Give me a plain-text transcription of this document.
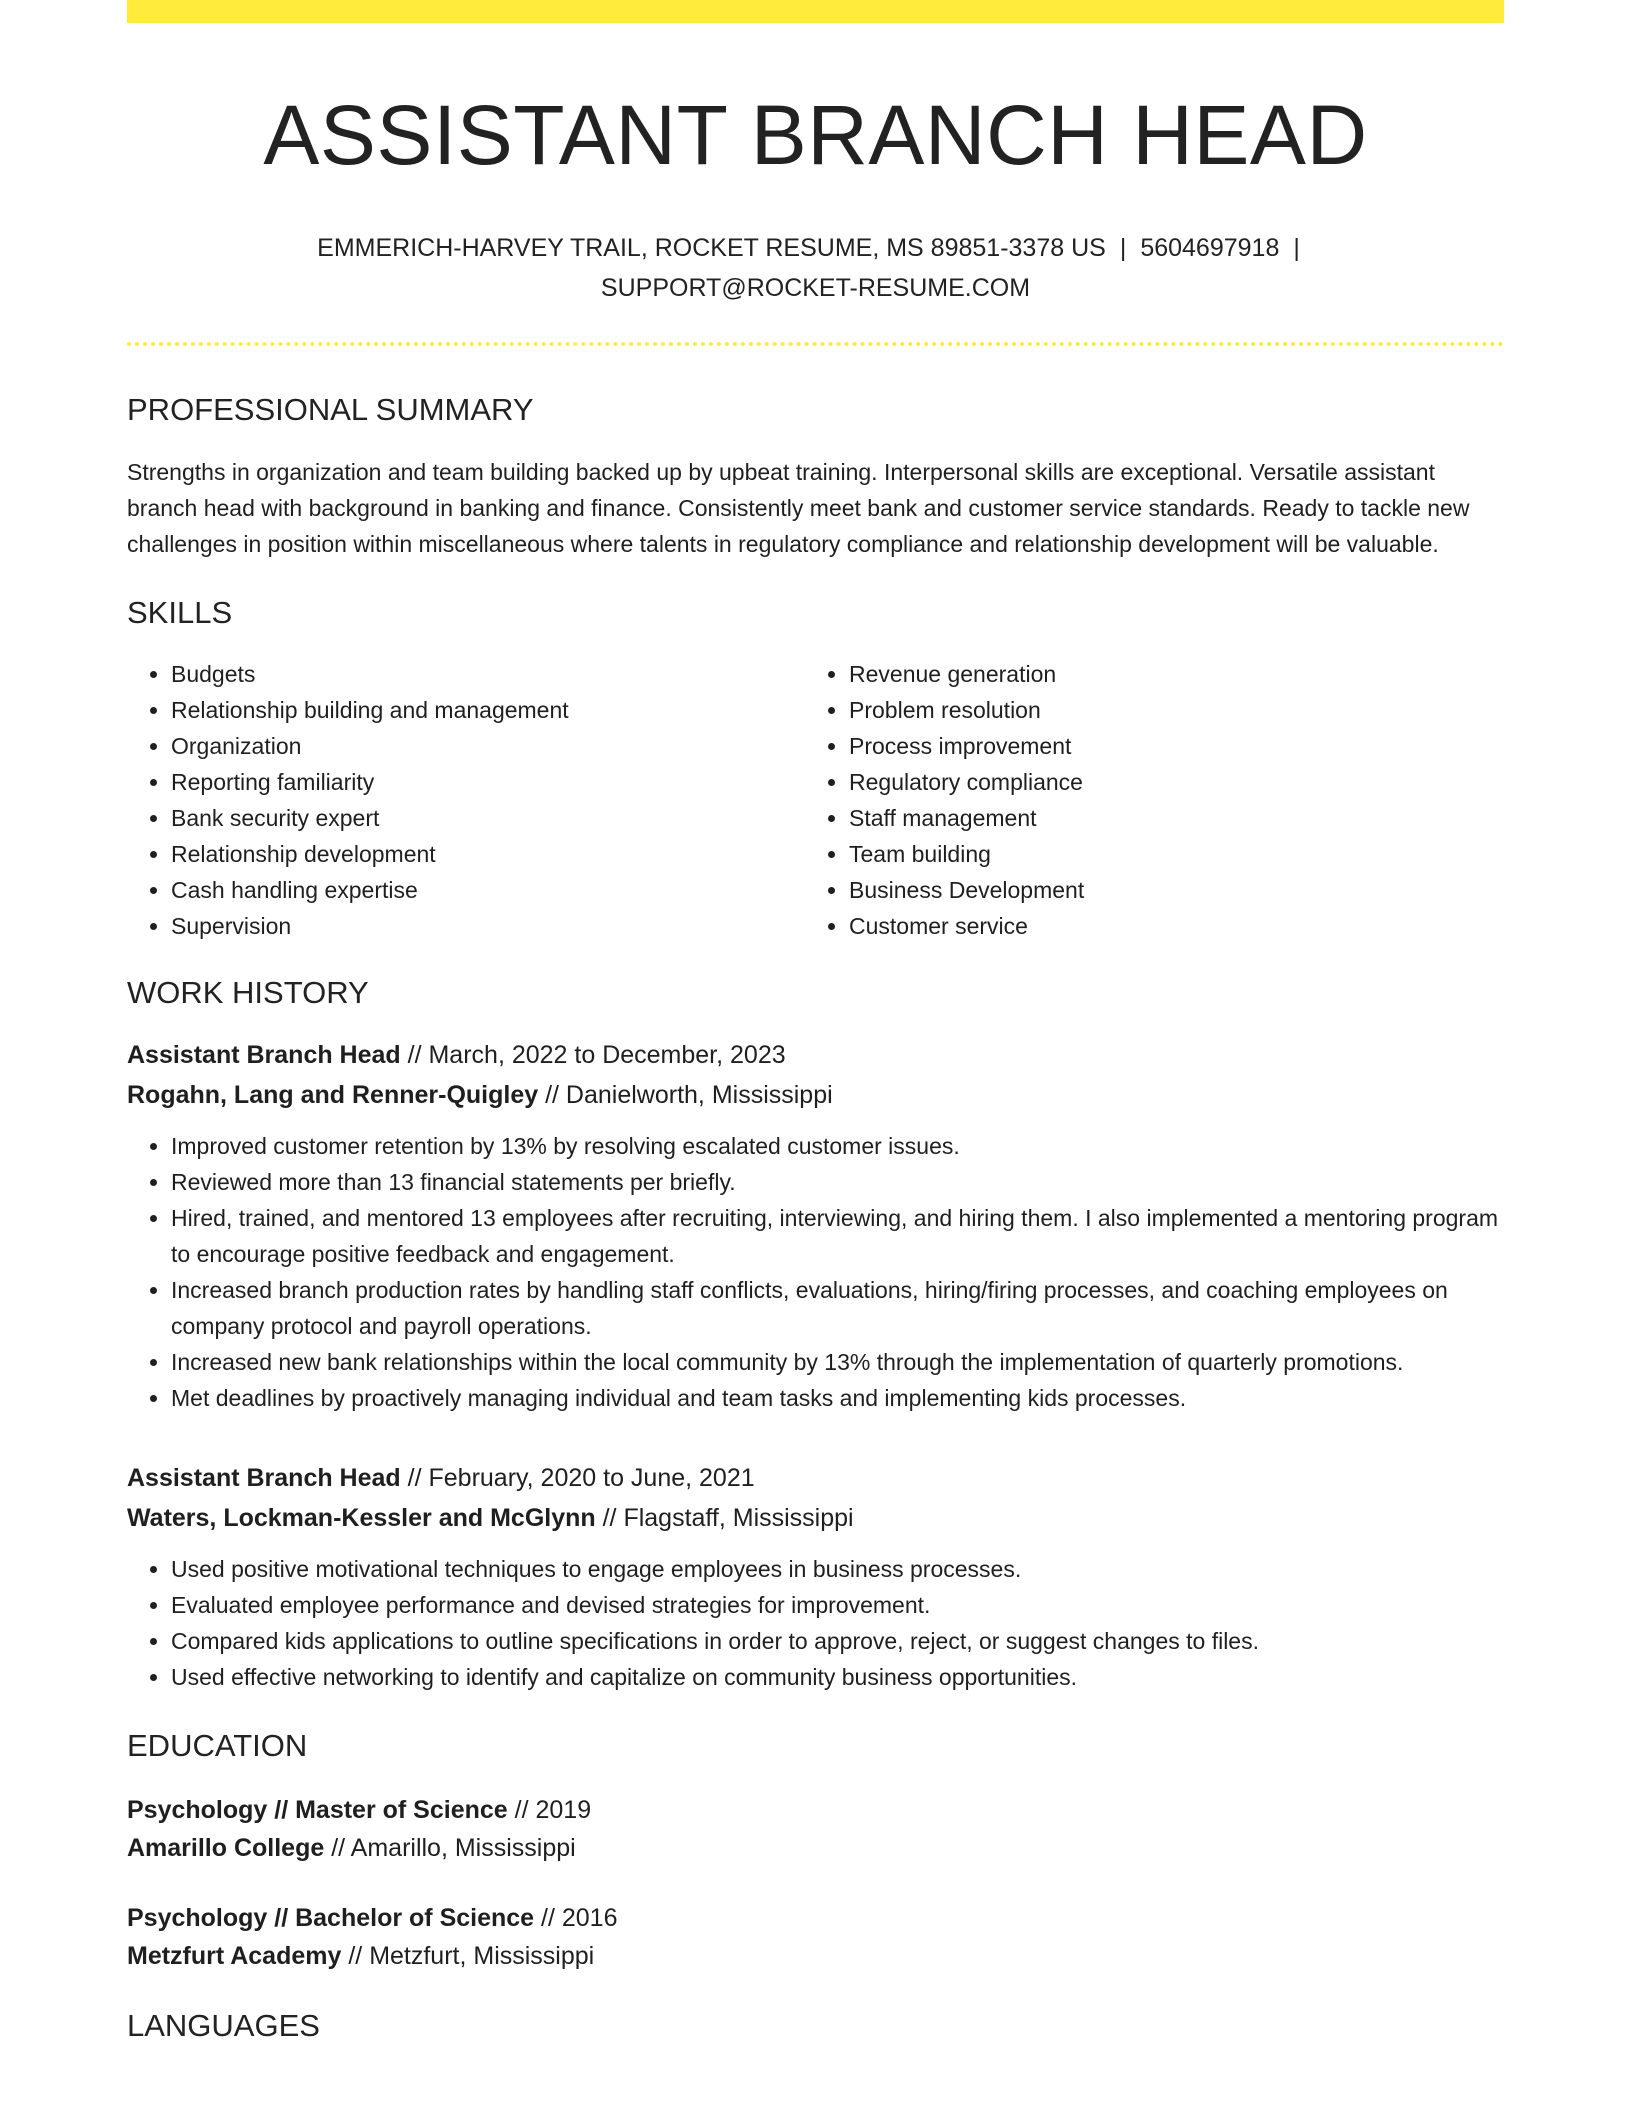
ASSISTANT BRANCH HEAD
EMMERICH-HARVEY TRAIL, ROCKET RESUME, MS 89851-3378 US | 5604697918 |
SUPPORT@ROCKET-RESUME.COM
PROFESSIONAL SUMMARY

Strengths in organization and team building backed up by upbeat training. Interpersonal skills are exceptional. Versatile assistant branch head with background in banking and finance. Consistently meet bank and customer service standards. Ready to tackle new challenges in position within miscellaneous where talents in regulatory compliance and relationship development will be valuable.

SKILLS
• Budgets
• Relationship building and management
• Organization
• Reporting familiarity
• Bank security expert
• Relationship development
• Cash handling expertise
• Supervision
• Revenue generation
• Problem resolution
• Process improvement
• Regulatory compliance
• Staff management
• Team building
• Business Development
• Customer service
WORK HISTORY
Assistant Branch Head // March, 2022 to December, 2023
Rogahn, Lang and Renner-Quigley // Danielworth, Mississippi
• Improved customer retention by 13% by resolving escalated customer issues.
• Reviewed more than 13 financial statements per briefly.
• Hired, trained, and mentored 13 employees after recruiting, interviewing, and hiring them. I also implemented a mentoring program to encourage positive feedback and engagement.
• Increased branch production rates by handling staff conflicts, evaluations, hiring/firing processes, and coaching employees on company protocol and payroll operations.
• Increased new bank relationships within the local community by 13% through the implementation of quarterly promotions.
• Met deadlines by proactively managing individual and team tasks and implementing kids processes.
Assistant Branch Head // February, 2020 to June, 2021
Waters, Lockman-Kessler and McGlynn // Flagstaff, Mississippi
• Used positive motivational techniques to engage employees in business processes.
• Evaluated employee performance and devised strategies for improvement.
• Compared kids applications to outline specifications in order to approve, reject, or suggest changes to files.
• Used effective networking to identify and capitalize on community business opportunities.
EDUCATION
Psychology // Master of Science // 2019
Amarillo College // Amarillo, Mississippi
Psychology // Bachelor of Science // 2016
Metzfurt Academy // Metzfurt, Mississippi
LANGUAGES
